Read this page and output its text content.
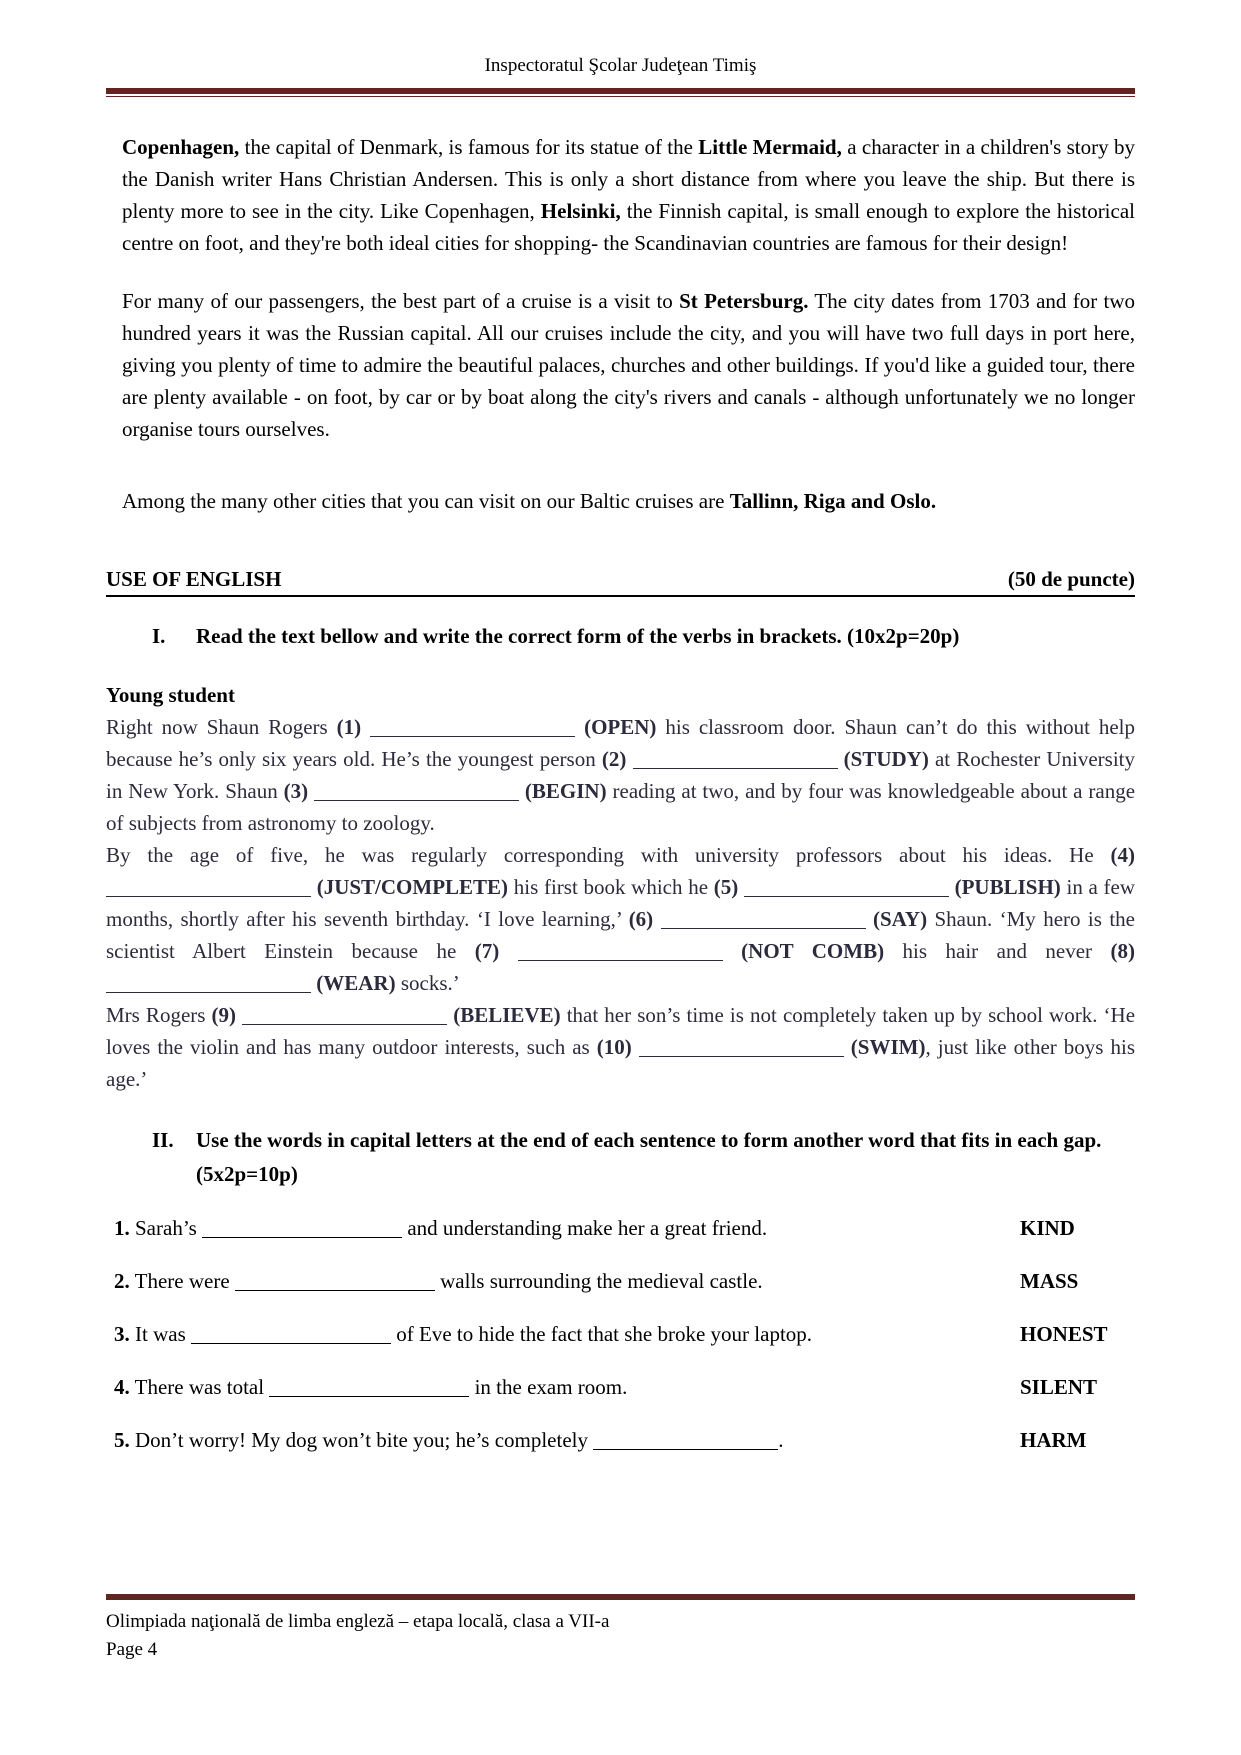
Inspectoratul Şcolar Judeţean Timiş

Copenhagen, the capital of Denmark, is famous for its statue of the Little Mermaid, a character in a children's story by the Danish writer Hans Christian Andersen. This is only a short distance from where you leave the ship. But there is plenty more to see in the city. Like Copenhagen, Helsinki, the Finnish capital, is small enough to explore the historical centre on foot, and they're both ideal cities for shopping- the Scandinavian countries are famous for their design!

For many of our passengers, the best part of a cruise is a visit to St Petersburg. The city dates from 1703 and for two hundred years it was the Russian capital. All our cruises include the city, and you will have two full days in port here, giving you plenty of time to admire the beautiful palaces, churches and other buildings. If you'd like a guided tour, there are plenty available - on foot, by car or by boat along the city's rivers and canals - although unfortunately we no longer organise tours ourselves.

Among the many other cities that you can visit on our Baltic cruises are Tallinn, Riga and Oslo.

USE OF ENGLISH	(50 de puncte)
I. Read the text bellow and write the correct form of the verbs in brackets. (10x2p=20p)
Young student

Right now Shaun Rogers (1)	(OPEN) his classroom door. Shaun can’t do this without help because he’s only six years old. He’s the youngest person (2)	(STUDY) at Rochester University in New York. Shaun (3)	(BEGIN) reading at two, and by four was knowledgeable about a range of subjects from astronomy to zoology.

By the age of five, he was regularly corresponding with university professors about his ideas. He (4)  (JUST/COMPLETE) his first book which he (5)	(PUBLISH) in a few months, shortly after his seventh birthday. ‘I love learning,’ (6)	(SAY) Shaun. ‘My hero is the scientist Albert Einstein because he (7)	(NOT COMB) his hair and never (8)  (WEAR) socks.’

Mrs Rogers (9)	(BELIEVE) that her son’s time is not completely taken up by school work. ‘He loves the violin and has many outdoor interests, such as (10)	(SWIM), just like other boys his age.’

II. Use the words in capital letters at the end of each sentence to form another word that fits in each gap. (5x2p=10p)
1. Sarah’s	and understanding make her a great friend.	KIND
2. There were	walls surrounding the medieval castle.	MASS
3. It was	of Eve to hide the fact that she broke your laptop.	HONEST
4. There was total	in the exam room.	SILENT
5. Don’t worry! My dog won’t bite you; he’s completely	.	HARM
Olimpiada naţională de limba engleză – etapa locală, clasa a VII-a
Page 4
